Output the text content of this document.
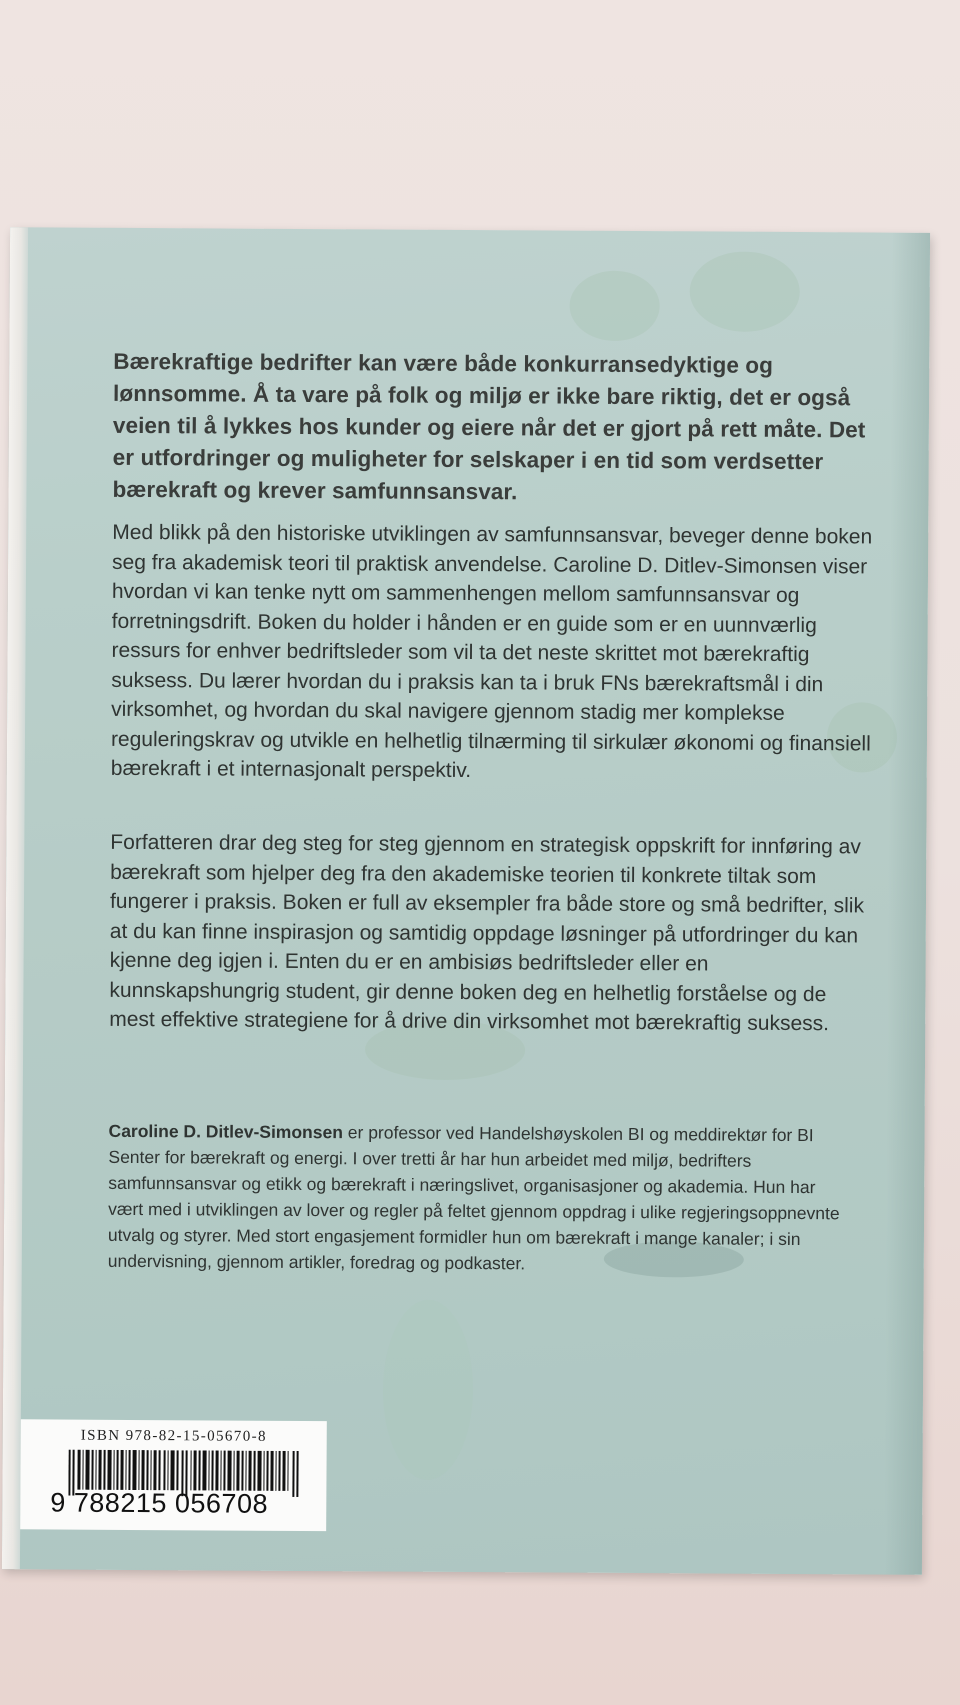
Bærekraftige bedrifter kan være både konkurransedyktige og lønnsomme. Å ta vare på folk og miljø er ikke bare riktig, det er også veien til å lykkes hos kunder og eiere når det er gjort på rett måte. Det er utfordringer og muligheter for selskaper i en tid som verdsetter bærekraft og krever samfunnsansvar.
Med blikk på den historiske utviklingen av samfunnsansvar, beveger denne boken seg fra akademisk teori til praktisk anvendelse. Caroline D. Ditlev-Simonsen viser hvordan vi kan tenke nytt om sammenhengen mellom samfunnsansvar og forretningsdrift. Boken du holder i hånden er en guide som er en uunnværlig ressurs for enhver bedriftsleder som vil ta det neste skrittet mot bærekraftig suksess. Du lærer hvordan du i praksis kan ta i bruk FNs bærekraftsmål i din virksomhet, og hvordan du skal navigere gjennom stadig mer komplekse reguleringskrav og utvikle en helhetlig tilnærming til sirkulær økonomi og finansiell bærekraft i et internasjonalt perspektiv.
Forfatteren drar deg steg for steg gjennom en strategisk oppskrift for innføring av bærekraft som hjelper deg fra den akademiske teorien til konkrete tiltak som fungerer i praksis. Boken er full av eksempler fra både store og små bedrifter, slik at du kan finne inspirasjon og samtidig oppdage løsninger på utfordringer du kan kjenne deg igjen i. Enten du er en ambisiøs bedriftsleder eller en kunnskapshungrig student, gir denne boken deg en helhetlig forståelse og de mest effektive strategiene for å drive din virksomhet mot bærekraftig suksess.
Caroline D. Ditlev-Simonsen er professor ved Handelshøyskolen BI og meddirektør for BI Senter for bærekraft og energi. I over tretti år har hun arbeidet med miljø, bedrifters samfunnsansvar og etikk og bærekraft i næringslivet, organisasjoner og akademia. Hun har vært med i utviklingen av lover og regler på feltet gjennom oppdrag i ulike regjeringsoppnevnte utvalg og styrer. Med stort engasjement formidler hun om bærekraft i mange kanaler; i sin undervisning, gjennom artikler, foredrag og podkaster.
ISBN 978-82-15-05670-8
9 788215 056708
